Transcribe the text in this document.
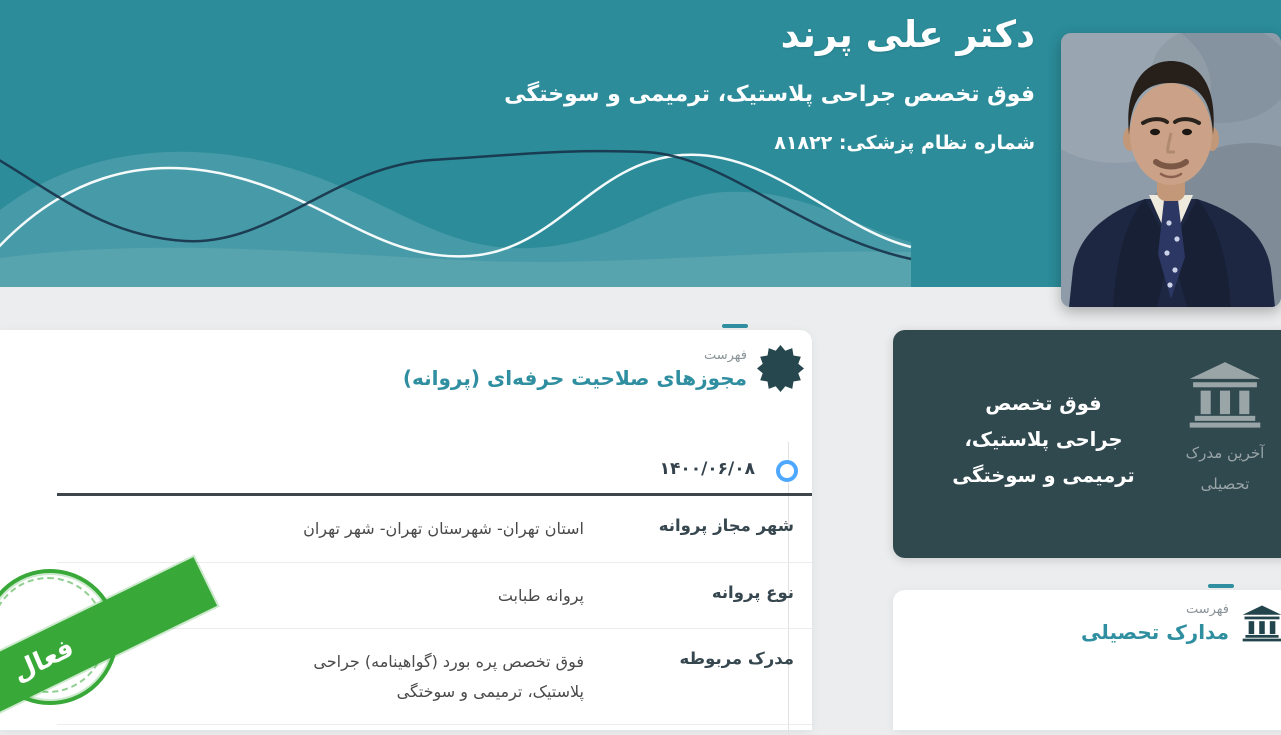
دکتر علی پرند
فوق تخصص جراحی پلاستیک، ترمیمی و سوختگی
شماره نظام پزشکی: ۸۱۸۲۲
فهرست
مجوزهای صلاحیت حرفه‌ای (پروانه)
۱۴۰۰/۰۶/۰۸
شهر مجاز پروانه
استان تهران- شهرستان تهران- شهر تهران
نوع پروانه
پروانه طبابت
مدرک مربوطه
فوق تخصص پره بورد (گواهینامه) جراحی پلاستیک، ترمیمی و سوختگی
فعال
آخرین مدرک تحصیلی
فوق تخصص جراحی پلاستیک، ترمیمی و سوختگی
فهرست
مدارک تحصیلی
